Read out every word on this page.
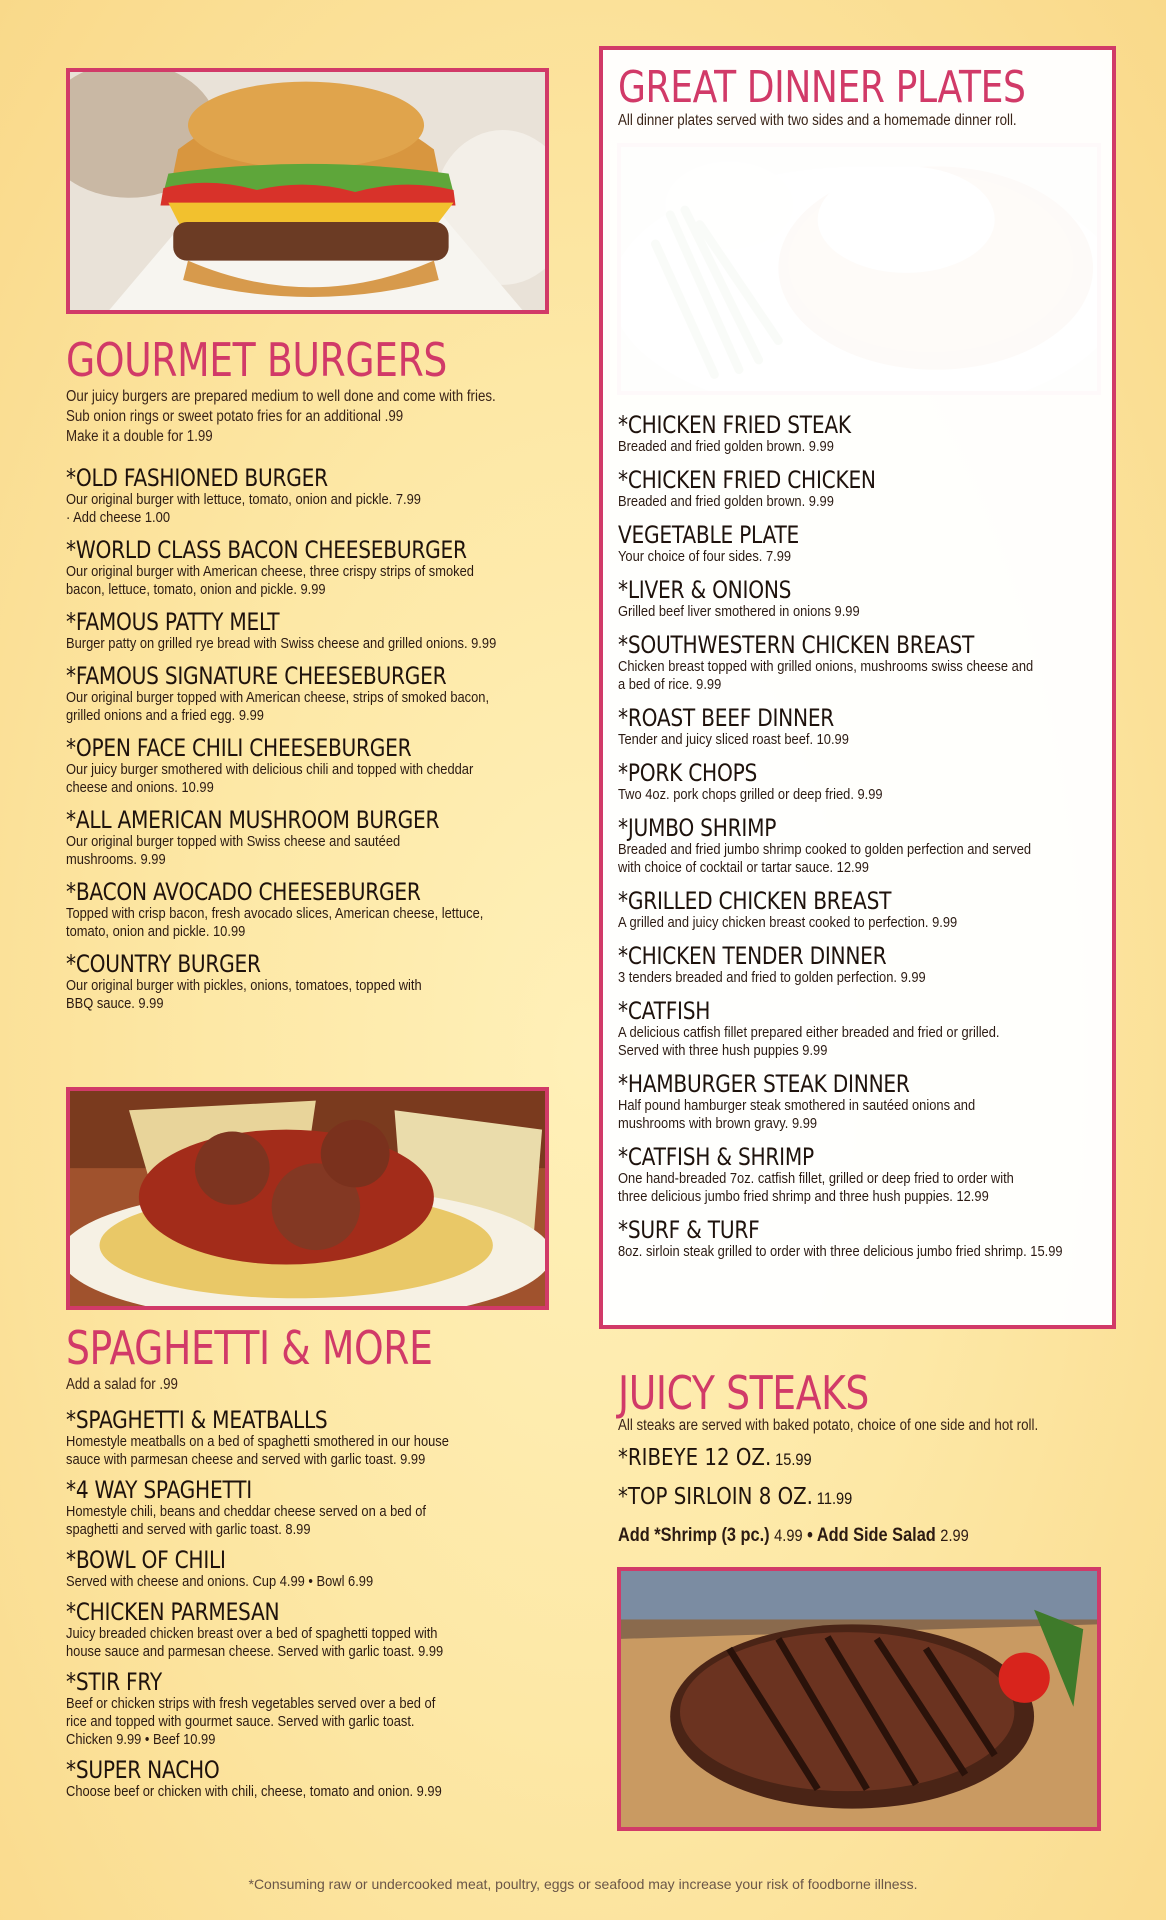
GOURMET BURGERS
Our juicy burgers are prepared medium to well done and come with fries.
Sub onion rings or sweet potato fries for an additional .99
Make it a double for 1.99
*OLD FASHIONED BURGER
Our original burger with lettuce, tomato, onion and pickle. 7.99
· Add cheese 1.00
*WORLD CLASS BACON CHEESEBURGER
Our original burger with American cheese, three crispy strips of smoked
bacon, lettuce, tomato, onion and pickle. 9.99
*FAMOUS PATTY MELT
Burger patty on grilled rye bread with Swiss cheese and grilled onions. 9.99
*FAMOUS SIGNATURE CHEESEBURGER
Our original burger topped with American cheese, strips of smoked bacon,
grilled onions and a fried egg. 9.99
*OPEN FACE CHILI CHEESEBURGER
Our juicy burger smothered with delicious chili and topped with cheddar
cheese and onions. 10.99
*ALL AMERICAN MUSHROOM BURGER
Our original burger topped with Swiss cheese and sautéed
mushrooms. 9.99
*BACON AVOCADO CHEESEBURGER
Topped with crisp bacon, fresh avocado slices, American cheese, lettuce,
tomato, onion and pickle. 10.99
*COUNTRY BURGER
Our original burger with pickles, onions, tomatoes, topped with
BBQ sauce. 9.99
SPAGHETTI & MORE
Add a salad for .99
*SPAGHETTI & MEATBALLS
Homestyle meatballs on a bed of spaghetti smothered in our house
sauce with parmesan cheese and served with garlic toast. 9.99
*4 WAY SPAGHETTI
Homestyle chili, beans and cheddar cheese served on a bed of
spaghetti and served with garlic toast. 8.99
*BOWL OF CHILI
Served with cheese and onions. Cup 4.99 • Bowl 6.99
*CHICKEN PARMESAN
Juicy breaded chicken breast over a bed of spaghetti topped with
house sauce and parmesan cheese. Served with garlic toast. 9.99
*STIR FRY
Beef or chicken strips with fresh vegetables served over a bed of
rice and topped with gourmet sauce. Served with garlic toast.
Chicken 9.99 • Beef 10.99
*SUPER NACHO
Choose beef or chicken with chili, cheese, tomato and onion. 9.99
GREAT DINNER PLATES
All dinner plates served with two sides and a homemade dinner roll.
*CHICKEN FRIED STEAK
Breaded and fried golden brown. 9.99
*CHICKEN FRIED CHICKEN
Breaded and fried golden brown. 9.99
VEGETABLE PLATE
Your choice of four sides. 7.99
*LIVER & ONIONS
Grilled beef liver smothered in onions 9.99
*SOUTHWESTERN CHICKEN BREAST
Chicken breast topped with grilled onions, mushrooms swiss cheese and
a bed of rice. 9.99
*ROAST BEEF DINNER
Tender and juicy sliced roast beef. 10.99
*PORK CHOPS
Two 4oz. pork chops grilled or deep fried. 9.99
*JUMBO SHRIMP
Breaded and fried jumbo shrimp cooked to golden perfection and served
with choice of cocktail or tartar sauce. 12.99
*GRILLED CHICKEN BREAST
A grilled and juicy chicken breast cooked to perfection. 9.99
*CHICKEN TENDER DINNER
3 tenders breaded and fried to golden perfection. 9.99
*CATFISH
A delicious catfish fillet prepared either breaded and fried or grilled.
Served with three hush puppies 9.99
*HAMBURGER STEAK DINNER
Half pound hamburger steak smothered in sautéed onions and
mushrooms with brown gravy. 9.99
*CATFISH & SHRIMP
One hand-breaded 7oz. catfish fillet, grilled or deep fried to order with
three delicious jumbo fried shrimp and three hush puppies. 12.99
*SURF & TURF
8oz. sirloin steak grilled to order with three delicious jumbo fried shrimp. 15.99
JUICY STEAKS
All steaks are served with baked potato, choice of one side and hot roll.
*RIBEYE 12 OZ. 15.99
*TOP SIRLOIN 8 OZ. 11.99
Add *Shrimp (3 pc.) 4.99 • Add Side Salad 2.99
*Consuming raw or undercooked meat, poultry, eggs or seafood may increase your risk of foodborne illness.
